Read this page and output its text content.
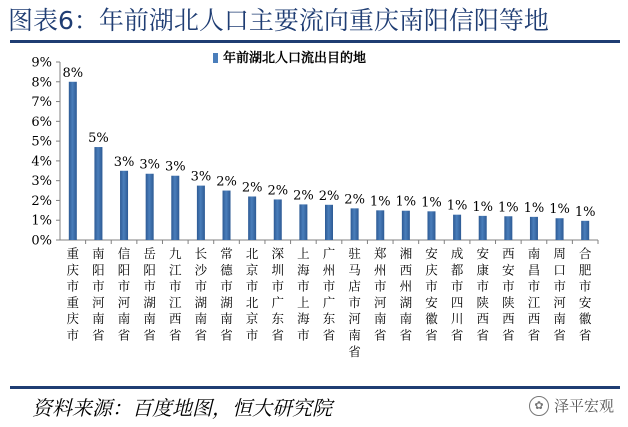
图表6：年前湖北人口主要流向重庆南阳信阳等地
0%
1%
2%
3%
4%
5%
6%
7%
8%
9%
重庆市重庆市
南阳市河南省
信阳市河南省
岳阳市湖南省
九江市江西省
长沙市湖南省
常德市湖南省
北京市北京市
深圳市广东省
上海市上海市
广州市广东省
驻马店市河南省
郑州市河南省
湘西州湖南省
安庆市安徽省
成都市四川省
安康市陕西省
西安市陕西省
南昌市江西省
周口市河南省
合肥市安徽省
8%
5%
3% 3% 3%
3% 2% 2% 2% 2% 2% 2% 1% 1% 1% 1% 1% 1% 1% 1% 1%
年前湖北人口流出目的地
资料来源：百度地图，恒大研究院	✿ 泽平宏观
